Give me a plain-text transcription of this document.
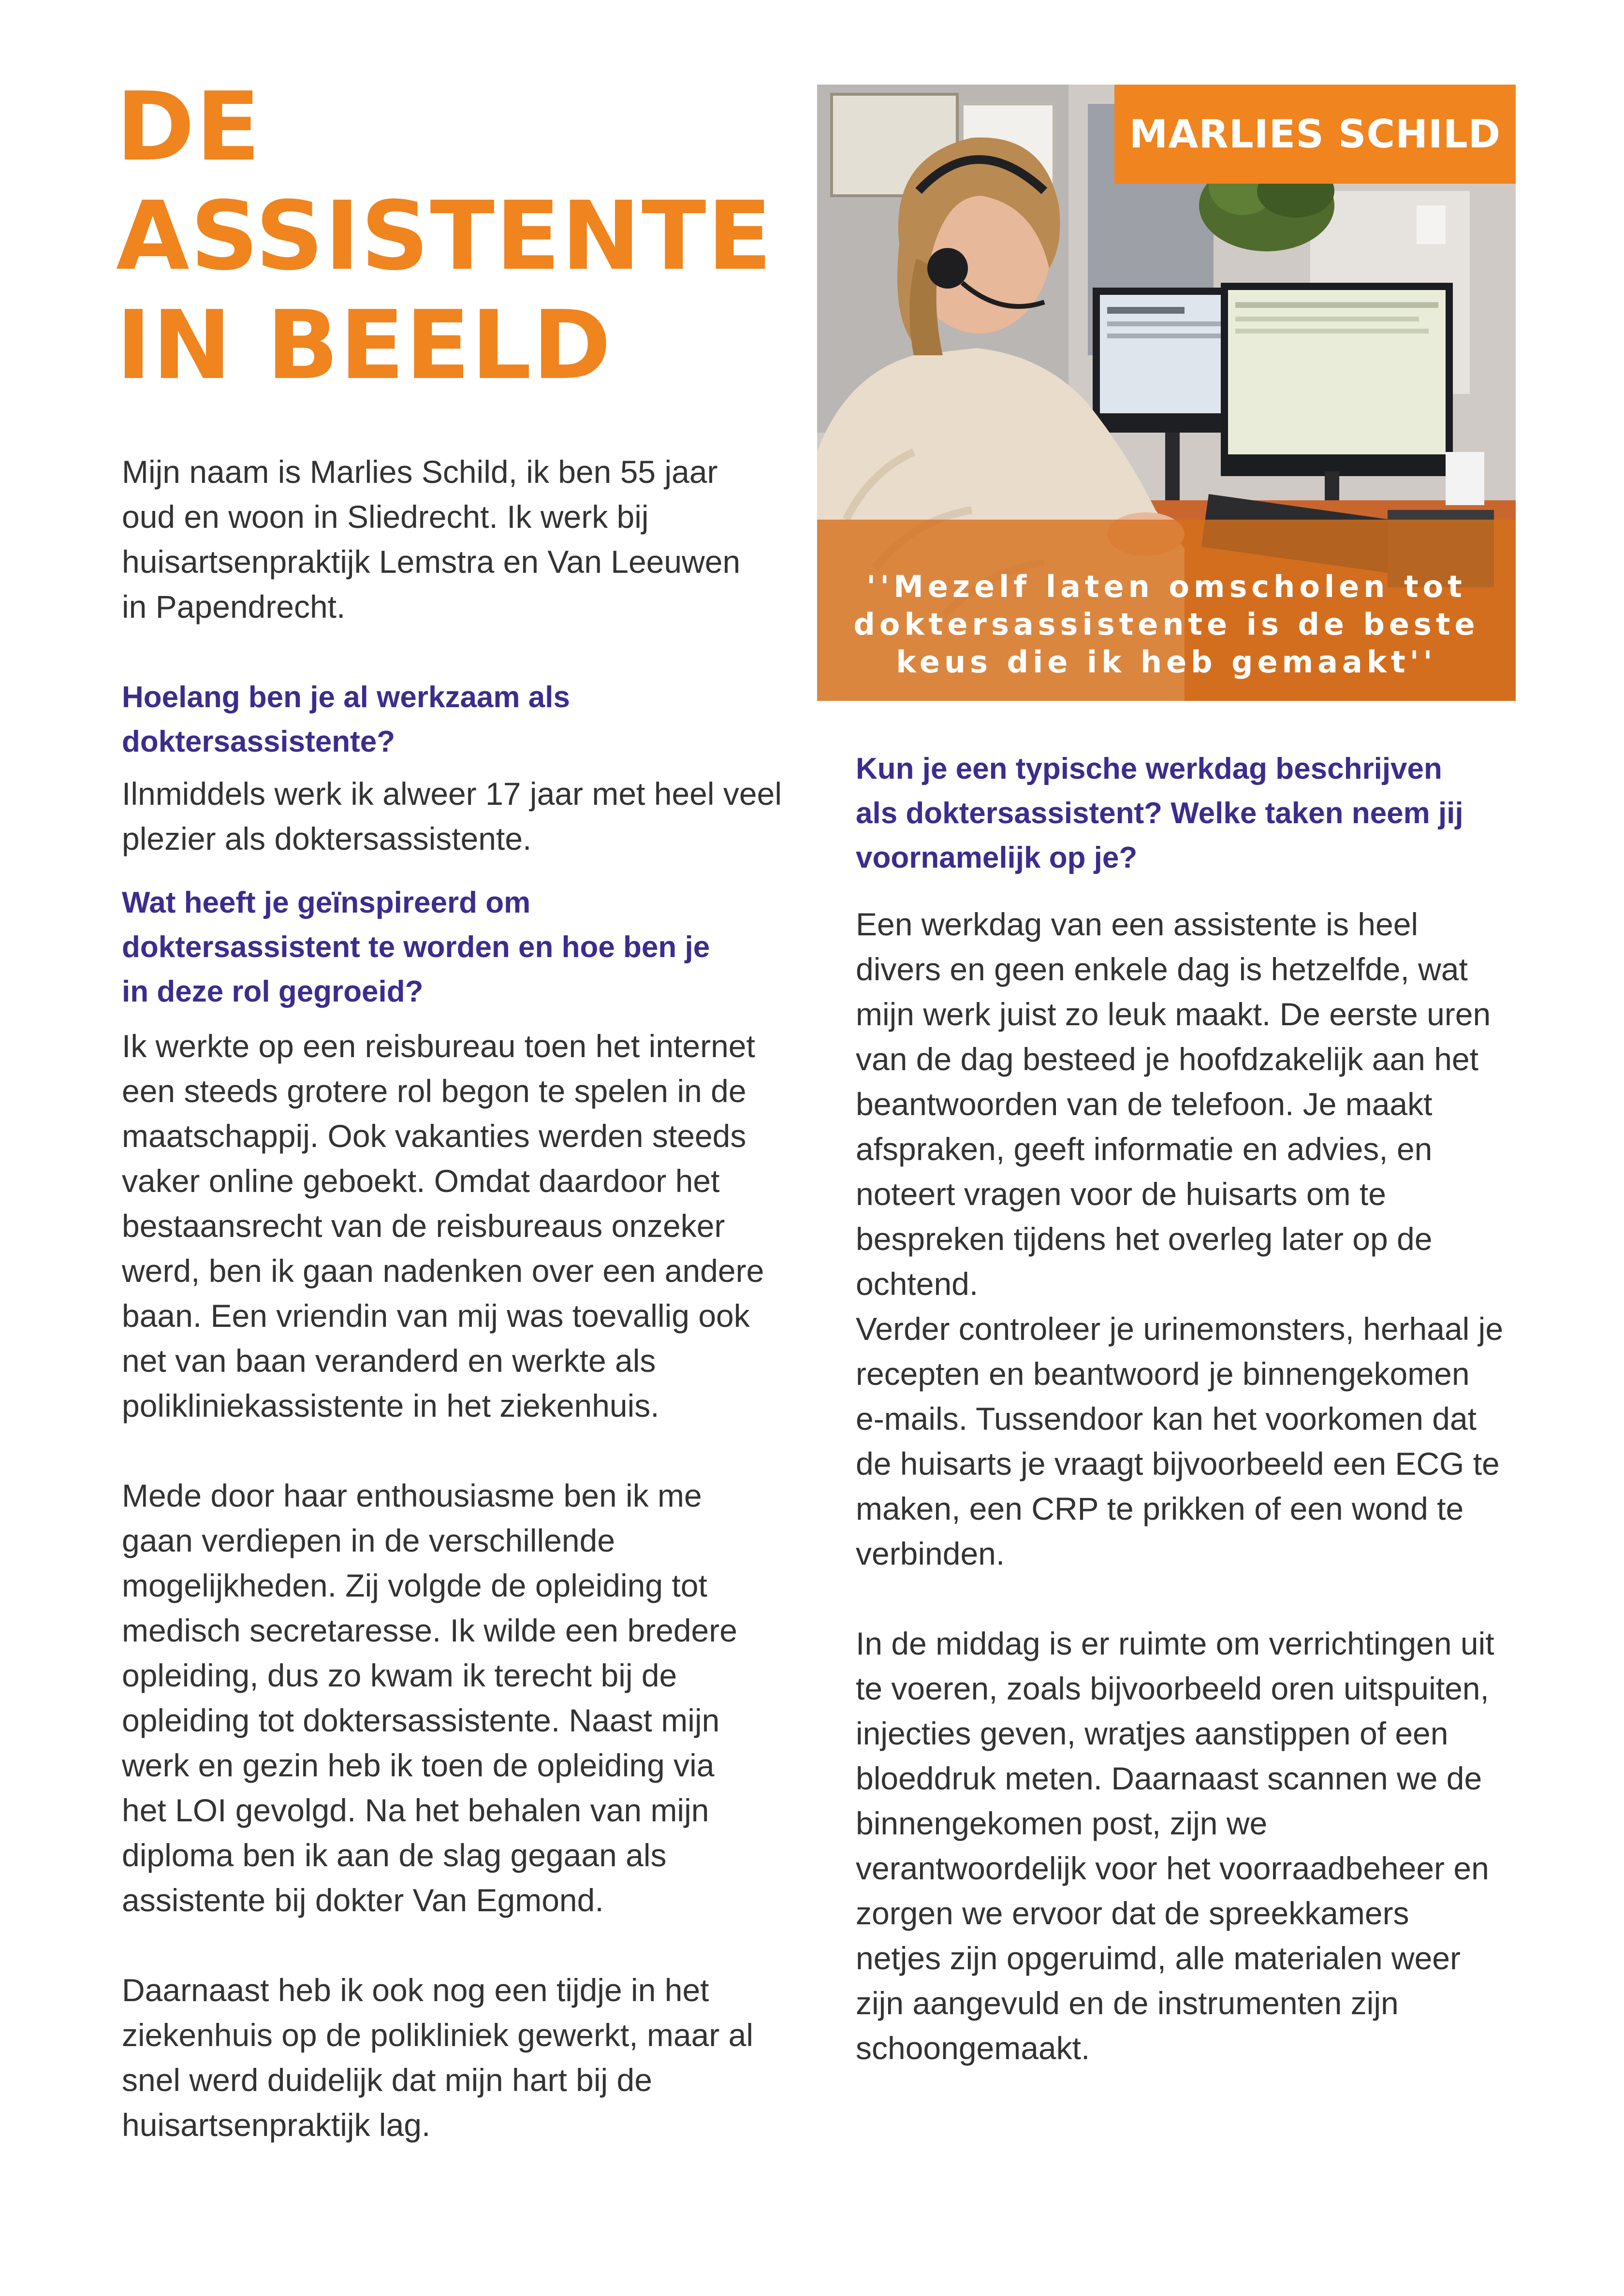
DE
ASSISTENTE
IN BEELD
MARLIES SCHILD

''Mezelf laten omscholen tot
doktersassistente is de beste
keus die ik heb gemaakt''

Mijn naam is Marlies Schild, ik ben 55 jaar
oud en woon in Sliedrecht. Ik werk bij
huisartsenpraktijk Lemstra en Van Leeuwen
in Papendrecht.

Hoelang ben je al werkzaam als
doktersassistente?

Ilnmiddels werk ik alweer 17 jaar met heel veel plezier als doktersassistente.

Wat heeft je geïnspireerd om
doktersassistent te worden en hoe ben je
in deze rol gegroeid?

Ik werkte op een reisbureau toen het internet
een steeds grotere rol begon te spelen in de
maatschappij. Ook vakanties werden steeds
vaker online geboekt. Omdat daardoor het
bestaansrecht van de reisbureaus onzeker
werd, ben ik gaan nadenken over een andere
baan. Een vriendin van mij was toevallig ook
net van baan veranderd en werkte als
polikliniekassistente in het ziekenhuis.

Mede door haar enthousiasme ben ik me
gaan verdiepen in de verschillende
mogelijkheden. Zij volgde de opleiding tot
medisch secretaresse. Ik wilde een bredere
opleiding, dus zo kwam ik terecht bij de
opleiding tot doktersassistente. Naast mijn
werk en gezin heb ik toen de opleiding via
het LOI gevolgd. Na het behalen van mijn
diploma ben ik aan de slag gegaan als
assistente bij dokter Van Egmond.

Daarnaast heb ik ook nog een tijdje in het
ziekenhuis op de polikliniek gewerkt, maar al
snel werd duidelijk dat mijn hart bij de
huisartsenpraktijk lag.

Kun je een typische werkdag beschrijven
als doktersassistent? Welke taken neem jij
voornamelijk op je?

Een werkdag van een assistente is heel
divers en geen enkele dag is hetzelfde, wat
mijn werk juist zo leuk maakt. De eerste uren
van de dag besteed je hoofdzakelijk aan het
beantwoorden van de telefoon. Je maakt
afspraken, geeft informatie en advies, en
noteert vragen voor de huisarts om te
bespreken tijdens het overleg later op de
ochtend.
Verder controleer je urinemonsters, herhaal je
recepten en beantwoord je binnengekomen
e-mails. Tussendoor kan het voorkomen dat
de huisarts je vraagt bijvoorbeeld een ECG te
maken, een CRP te prikken of een wond te
verbinden.

In de middag is er ruimte om verrichtingen uit
te voeren, zoals bijvoorbeeld oren uitspuiten,
injecties geven, wratjes aanstippen of een
bloeddruk meten. Daarnaast scannen we de
binnengekomen post, zijn we
verantwoordelijk voor het voorraadbeheer en
zorgen we ervoor dat de spreekkamers
netjes zijn opgeruimd, alle materialen weer
zijn aangevuld en de instrumenten zijn
schoongemaakt.
